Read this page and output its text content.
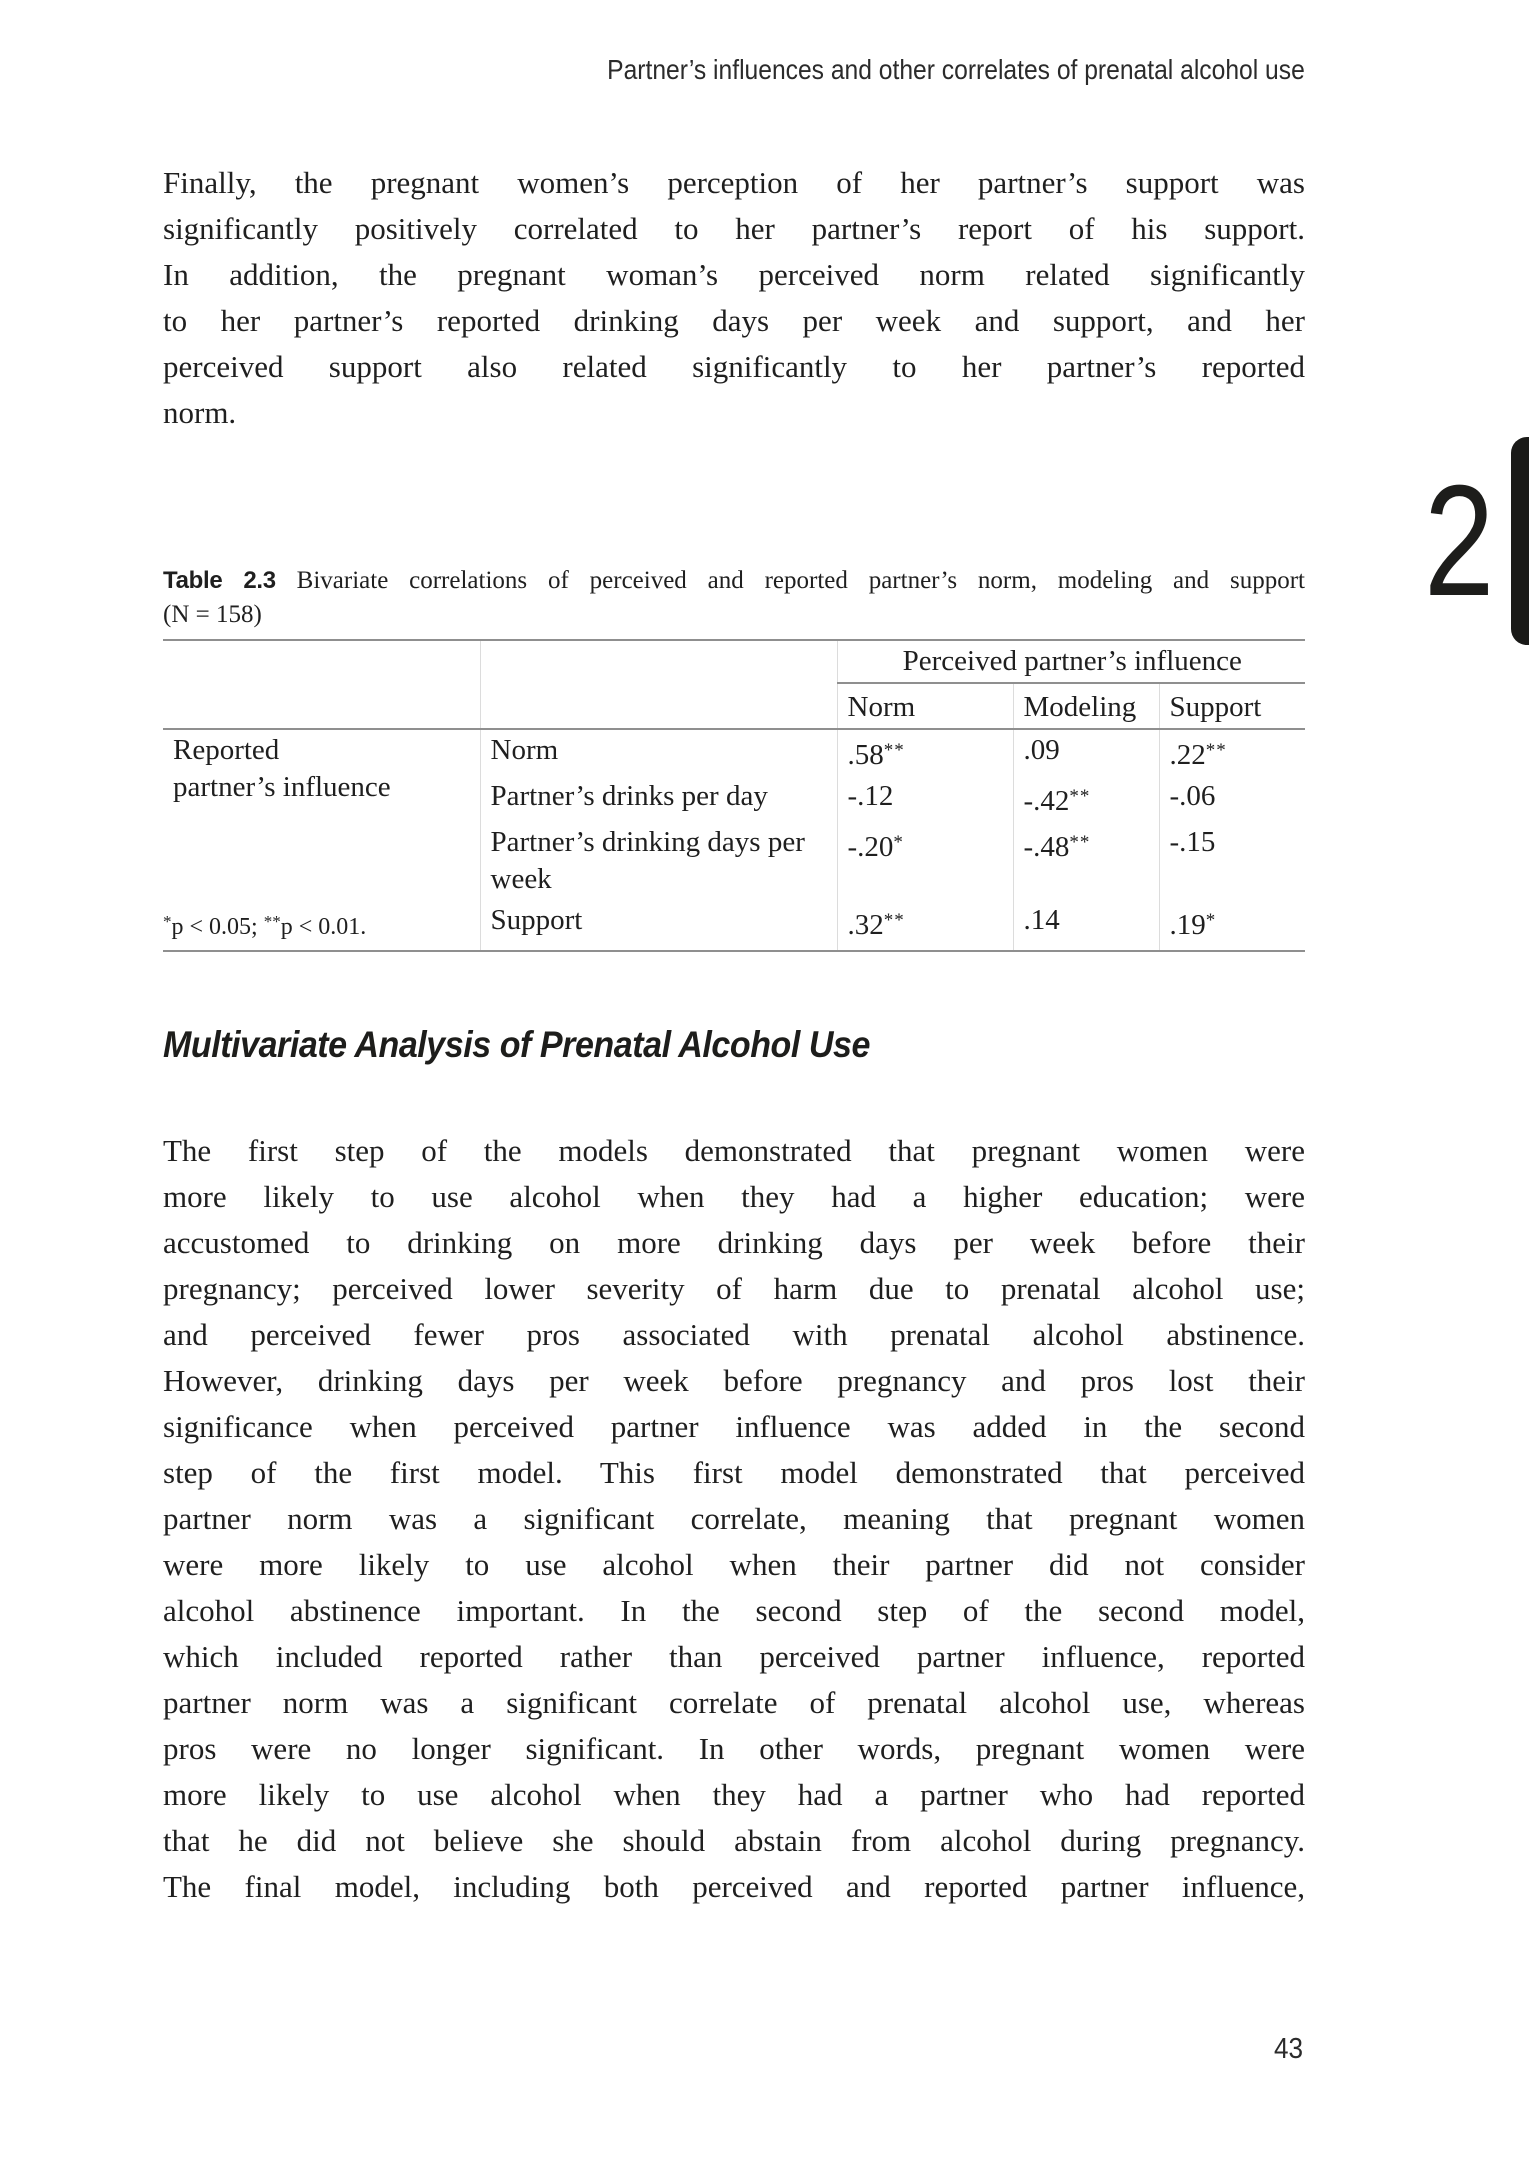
Partner’s influences and other correlates of prenatal alcohol use
2
Finally, the pregnant women’s perception of her partner’s support was
significantly positively correlated to her partner’s report of his support.
In addition, the pregnant woman’s perceived norm related significantly
to her partner’s reported drinking days per week and support, and her
perceived support also related significantly to her partner’s reported
norm.
Table 2.3 Bivariate correlations of perceived and reported partner’s norm, modeling and support
(N = 158)
		Perceived partner’s influence		
		Norm	Modeling	Support

Reported
partner’s influence	Norm	.58**	.09	.22**

	Partner’s drinks per day	-.12	-.42**	-.06

	Partner’s drinking days per
week	-.20*	-.48**	-.15

	Support	.32**	.14	.19*
*p < 0.05; **p < 0.01.
Multivariate Analysis of Prenatal Alcohol Use
The first step of the models demonstrated that pregnant women were
more likely to use alcohol when they had a higher education; were
accustomed to drinking on more drinking days per week before their
pregnancy; perceived lower severity of harm due to prenatal alcohol use;
and perceived fewer pros associated with prenatal alcohol abstinence.
However, drinking days per week before pregnancy and pros lost their
significance when perceived partner influence was added in the second
step of the first model. This first model demonstrated that perceived
partner norm was a significant correlate, meaning that pregnant women
were more likely to use alcohol when their partner did not consider
alcohol abstinence important. In the second step of the second model,
which included reported rather than perceived partner influence, reported
partner norm was a significant correlate of prenatal alcohol use, whereas
pros were no longer significant. In other words, pregnant women were
more likely to use alcohol when they had a partner who had reported
that he did not believe she should abstain from alcohol during pregnancy.
The final model, including both perceived and reported partner influence,
43
